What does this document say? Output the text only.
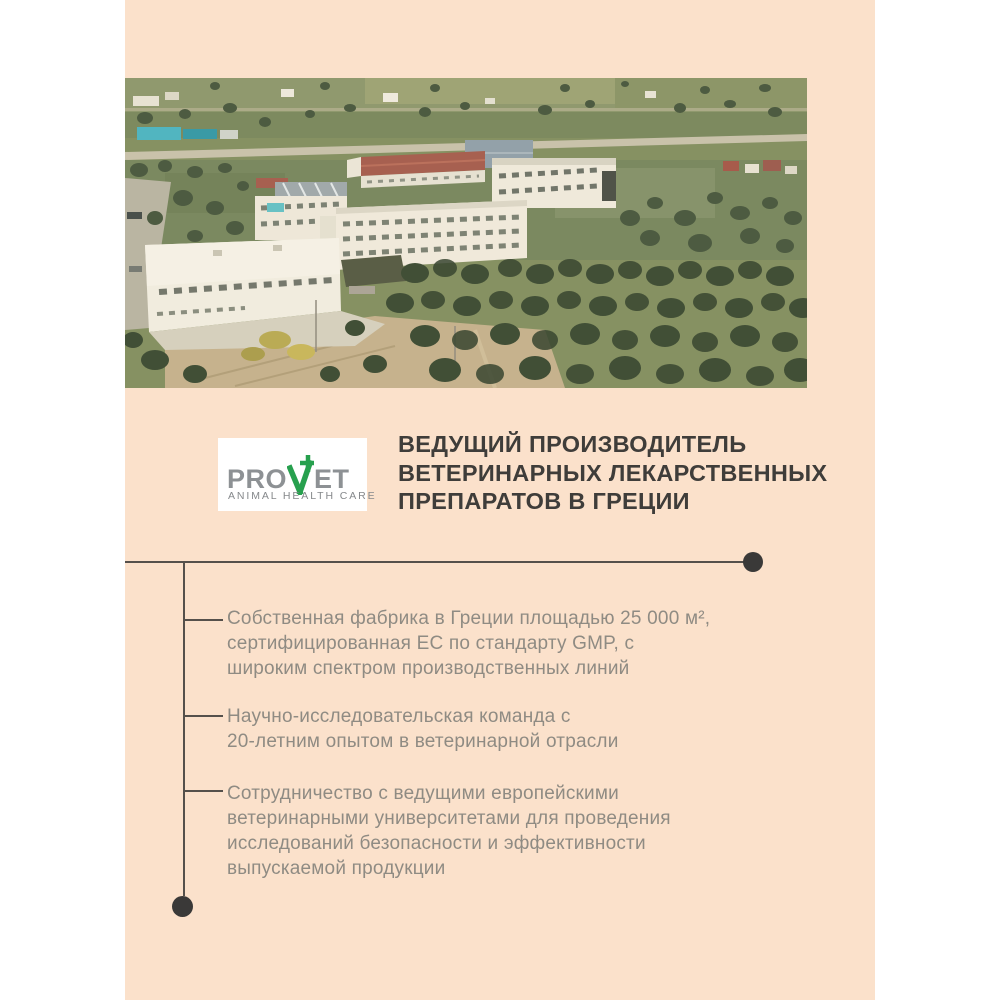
PRO ET
ANIMAL HEALTH CARE
ВЕДУЩИЙ ПРОИЗВОДИТЕЛЬ
ВЕТЕРИНАРНЫХ ЛЕКАРСТВЕННЫХ
ПРЕПАРАТОВ В ГРЕЦИИ
Собственная фабрика в Греции площадью 25 000 м²,
сертифицированная ЕС по стандарту GMP, с
широким спектром производственных линий
Научно-исследовательская команда с
20-летним опытом в ветеринарной отрасли
Сотрудничество с ведущими европейскими
ветеринарными университетами для проведения
исследований безопасности и эффективности
выпускаемой продукции
